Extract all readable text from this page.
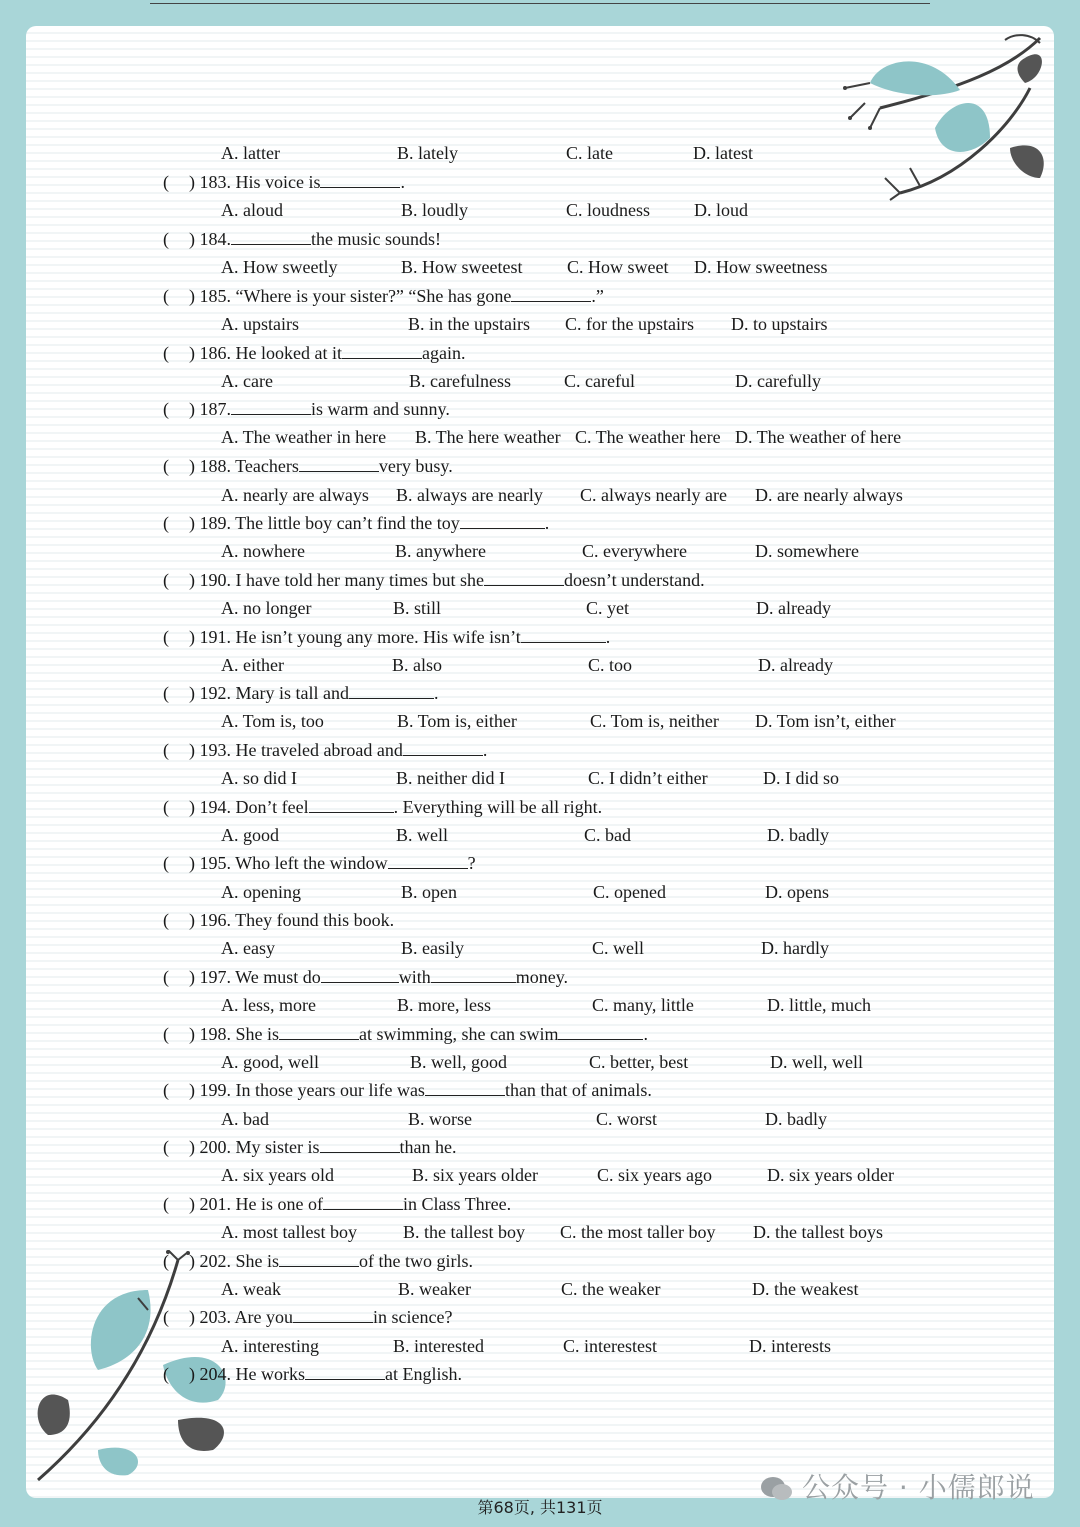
A. latter	B. lately	C. late	D. latest
( ) 183. His voice is	.
A. aloud	B. loudly	C. loudness D. loud
( ) 184.	the music sounds!
A. How sweetly	B. How sweetest C. How sweet D. How sweetness
( ) 185. “Where is your sister?” “She has gone	.”
A. upstairs	B. in the upstairs C. for the upstairs D. to upstairs
( ) 186. He looked at it	again.
A. care	B. carefulness	C. careful	D. carefully
( ) 187.	is warm and sunny.
A. The weather in here B. The here weather C. The weather here D. The weather of here
( ) 188. Teachers	very busy.
A. nearly are always B. always are nearly C. always nearly are D. are nearly always
( ) 189. The little boy can’t find the toy	.
A. nowhere	B. anywhere	C. everywhere	D. somewhere
( ) 190. I have told her many times but she	doesn’t understand.
A. no longer	B. still	C. yet	D. already
( ) 191. He isn’t young any more. His wife isn’t	.
A. either	B. also	C. too	D. already
( ) 192. Mary is tall and	.
A. Tom is, too	B. Tom is, either	C. Tom is, neither D. Tom isn’t, either
( ) 193. He traveled abroad and	.
A. so did I	B. neither did I	C. I didn’t either	D. I did so
( ) 194. Don’t feel	. Everything will be all right.
A. good	B. well	C. bad	D. badly
( ) 195. Who left the window	?
A. opening	B. open	C. opened	D. opens
( ) 196. They found this book.
A. easy	B. easily	C. well	D. hardly
( ) 197. We must do	with	money.
A. less, more	B. more, less	C. many, little	D. little, much
( ) 198. She is	at swimming, she can swim	.
A. good, well	B. well, good	C. better, best	D. well, well
( ) 199. In those years our life was	than that of animals.
A. bad	B. worse	C. worst	D. badly
( ) 200. My sister is	than he.
A. six years old	B. six years older	C. six years ago	D. six years older
( ) 201. He is one of	in Class Three.
A. most tallest boy	B. the tallest boy C. the most taller boy D. the tallest boys
( ) 202. She is	of the two girls.
A. weak	B. weaker	C. the weaker	D. the weakest
( ) 203. Are you	in science?
A. interesting	B. interested	C. interestest	D. interests
( ) 204. He works	at English.
公众号 · 小儒郎说
第68页, 共131页
